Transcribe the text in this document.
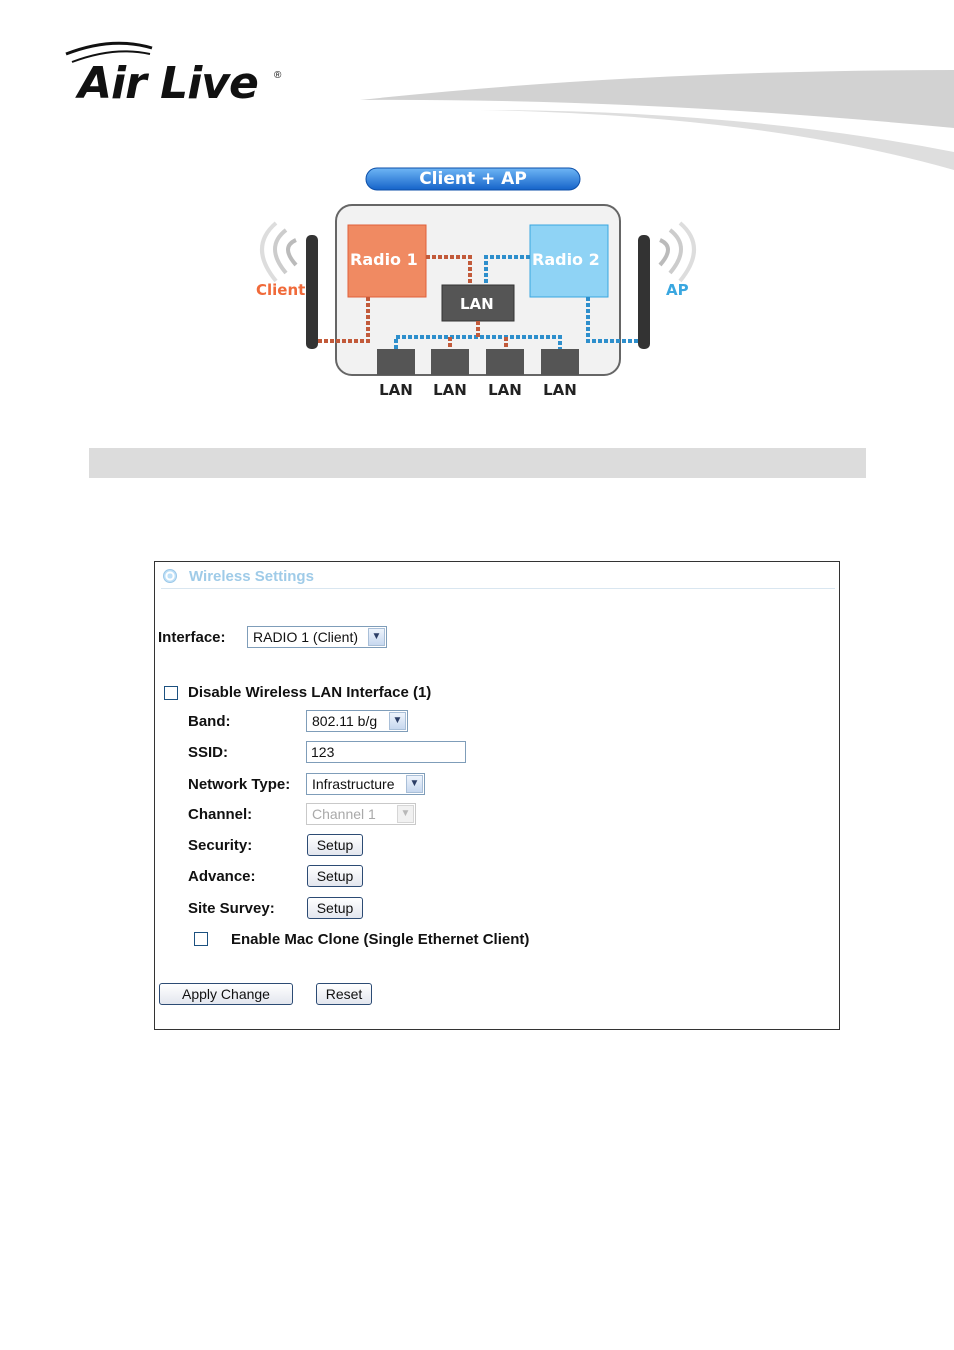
Air Live ®
Client + AP
Radio 1	Radio 2
LAN
Client	AP
LAN	LAN	LAN	LAN
Wireless Settings
Interface:	RADIO 1 (Client)	▼
Disable Wireless LAN Interface (1)
Band:	802.11 b/g	▼
SSID:	123
Network Type:	Infrastructure	▼
Channel:	Channel 1	▼
Security:	Setup
Advance:	Setup
Site Survey:	Setup
Enable Mac Clone (Single Ethernet Client)
Apply Change	Reset
